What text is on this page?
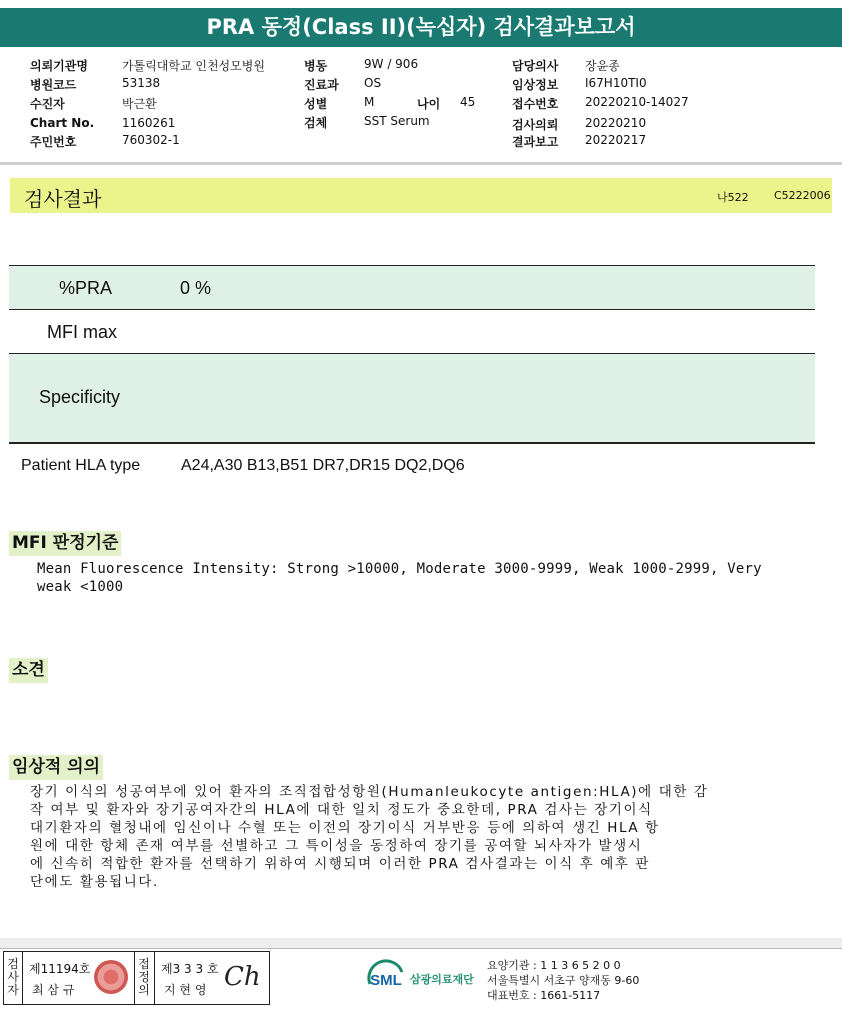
PRA 동정(Class II)(녹십자) 검사결과보고서
의뢰기관명	가톨릭대학교 인천성모병원
병원코드	53138
수진자	박근환
Chart No. 1160261
주민번호	760302-1
병동	9W / 906
진료과 OS
성별	M	나이 45
검체	SST Serum
담당의사 장윤종
임상정보 I67H10TI0
접수번호 20220210-14027
검사의뢰 20220210
결과보고 20220217
검사결과	나522 C5222006
%PRA	0 %
MFI max
Specificity
Patient HLA type	A24,A30 B13,B51 DR7,DR15 DQ2,DQ6
MFI 판정기준
Mean Fluorescence Intensity: Strong >10000, Moderate 3000-9999, Weak 1000-2999, Very
weak <1000
소견
임상적 의의
장기 이식의 성공여부에 있어 환자의 조직접합성항원(Humanleukocyte antigen:HLA)에 대한 감
작 여부 및 환자와 장기공여자간의 HLA에 대한 일치 정도가 중요한데, PRA 검사는 장기이식
대기환자의 혈청내에 임신이나 수혈 또는 이전의 장기이식 거부반응 등에 의하여 생긴 HLA 항
원에 대한 항체 존재 여부를 선별하고 그 특이성을 동정하여 장기를 공여할 뇌사자가 발생시
에 신속히 적합한 환자를 선택하기 위하여 시행되며 이러한 PRA 검사결과는 이식 후 예후 판
단에도 활용됩니다.
검
사
자
제11194호
최 삼 규
접
정
의
제3 3 3 호
지 현 영 Ch	SML 삼광의료재단
요양기관 : 1 1 3 6 5 2 0 0
서울특별시 서초구 양재동 9-60
대표번호 : 1661-5117
